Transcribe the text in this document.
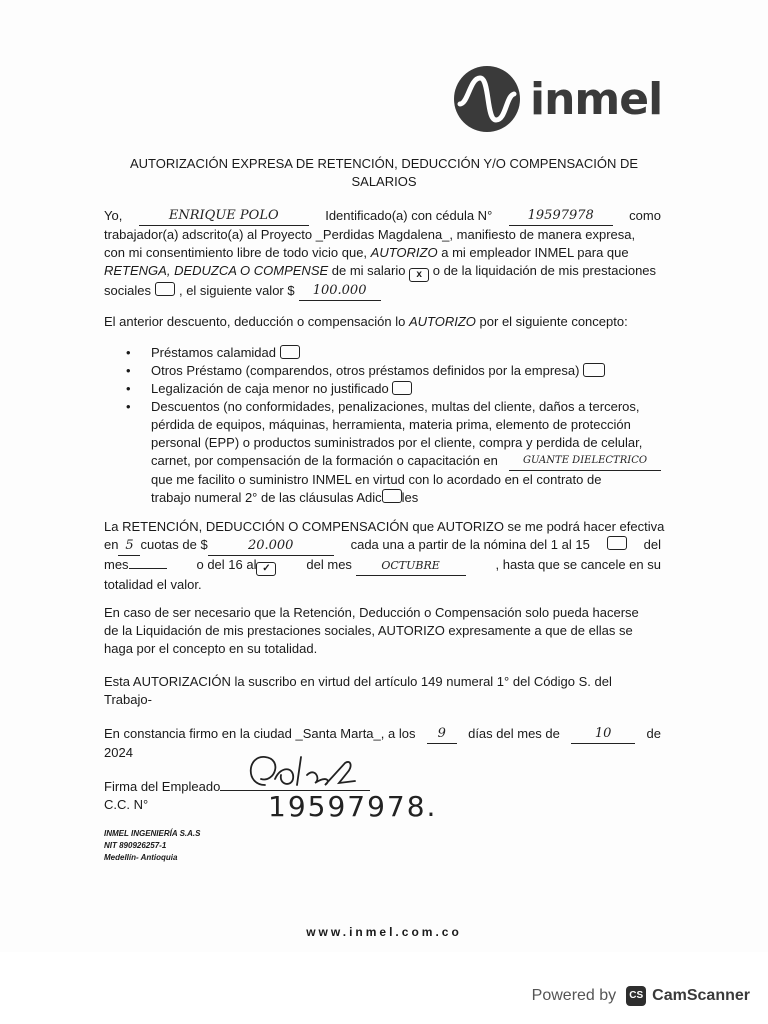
inmel
AUTORIZACIÓN EXPRESA DE RETENCIÓN, DEDUCCIÓN Y/O COMPENSACIÓN DE
SALARIOS
Yo,	ENRIQUE POLO	Identificado(a) con cédula N°	19597978	como
trabajador(a) adscrito(a) al Proyecto _Perdidas Magdalena_, manifiesto de manera expresa,
con mi consentimiento libre de todo vicio que, AUTORIZO a mi empleador INMEL para que
RETENGA, DEDUZCA O COMPENSE de mi salario x o de la liquidación de mis prestaciones
sociales , el siguiente valor $	100.000
El anterior descuento, deducción o compensación lo AUTORIZO por el siguiente concepto:
• Préstamos calamidad
• Otros Préstamo (comparendos, otros préstamos definidos por la empresa)
• Legalización de caja menor no justificado
• Descuentos (no conformidades, penalizaciones, multas del cliente, daños a terceros,
pérdida de equipos, máquinas, herramienta, materia prima, elemento de protección
personal (EPP) o productos suministrados por el cliente, compra y perdida de celular,
carnet, por compensación de la formación o capacitación en	GUANTE DIELECTRICO
que me facilito o suministro INMEL en virtud con lo acordado en el contrato de
trabajo numeral 2° de las cláusulas Adic les
La RETENCIÓN, DEDUCCIÓN O COMPENSACIÓN que AUTORIZO se me podrá hacer efectiva
en 5 cuotas de $	20.000	cada una a partir de la nómina del 1 al 15	del
mes	o del 16 al ✓	del mes	OCTUBRE	, hasta que se cancele en su
totalidad el valor.
En caso de ser necesario que la Retención, Deducción o Compensación solo pueda hacerse
de la Liquidación de mis prestaciones sociales, AUTORIZO expresamente a que de ellas se
haga por el concepto en su totalidad.
Esta AUTORIZACIÓN la suscribo en virtud del artículo 149 numeral 1° del Código S. del
Trabajo-
En constancia firmo en la ciudad _Santa Marta_, a los	9	días del mes de	10	de
2024
Firma del Empleado
C.C. N°	19597978.
INMEL INGENIERÍA S.A.S
NIT 890926257-1
Medellín- Antioquia
www.inmel.com.co
Powered by	CS CamScanner
